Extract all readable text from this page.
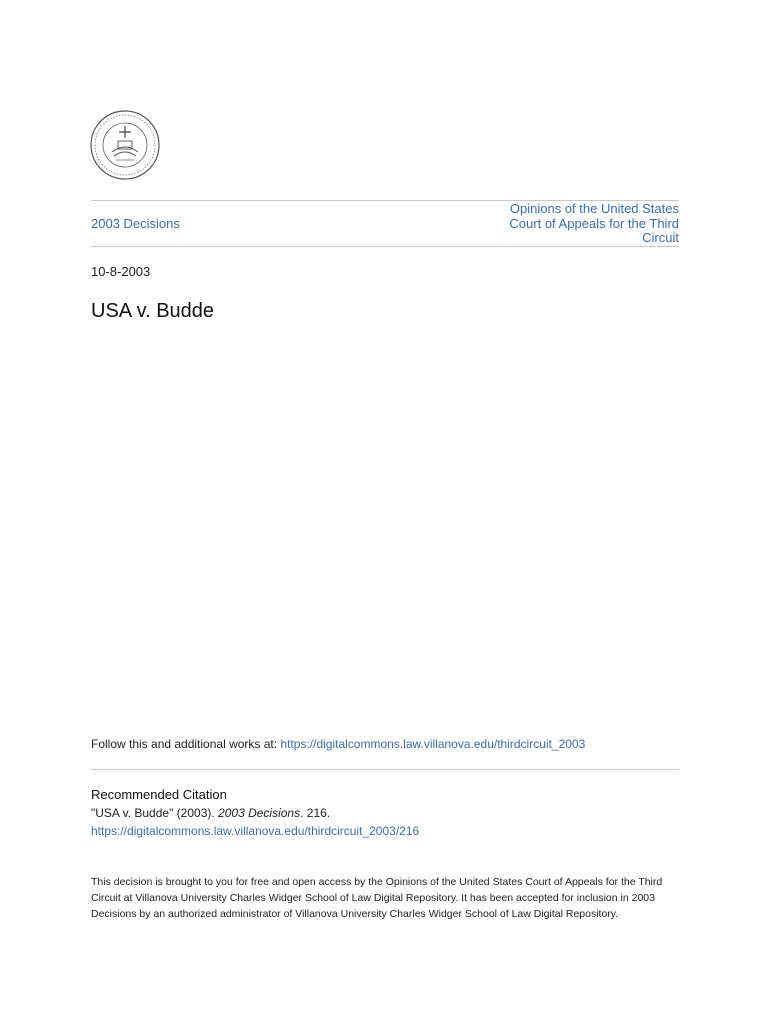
2003 Decisions
Opinions of the United States Court of Appeals for the Third Circuit
10-8-2003
USA v. Budde
Follow this and additional works at: https://digitalcommons.law.villanova.edu/thirdcircuit_2003
Recommended Citation
"USA v. Budde" (2003). 2003 Decisions. 216.
https://digitalcommons.law.villanova.edu/thirdcircuit_2003/216
This decision is brought to you for free and open access by the Opinions of the United States Court of Appeals for the Third Circuit at Villanova University Charles Widger School of Law Digital Repository. It has been accepted for inclusion in 2003 Decisions by an authorized administrator of Villanova University Charles Widger School of Law Digital Repository.
